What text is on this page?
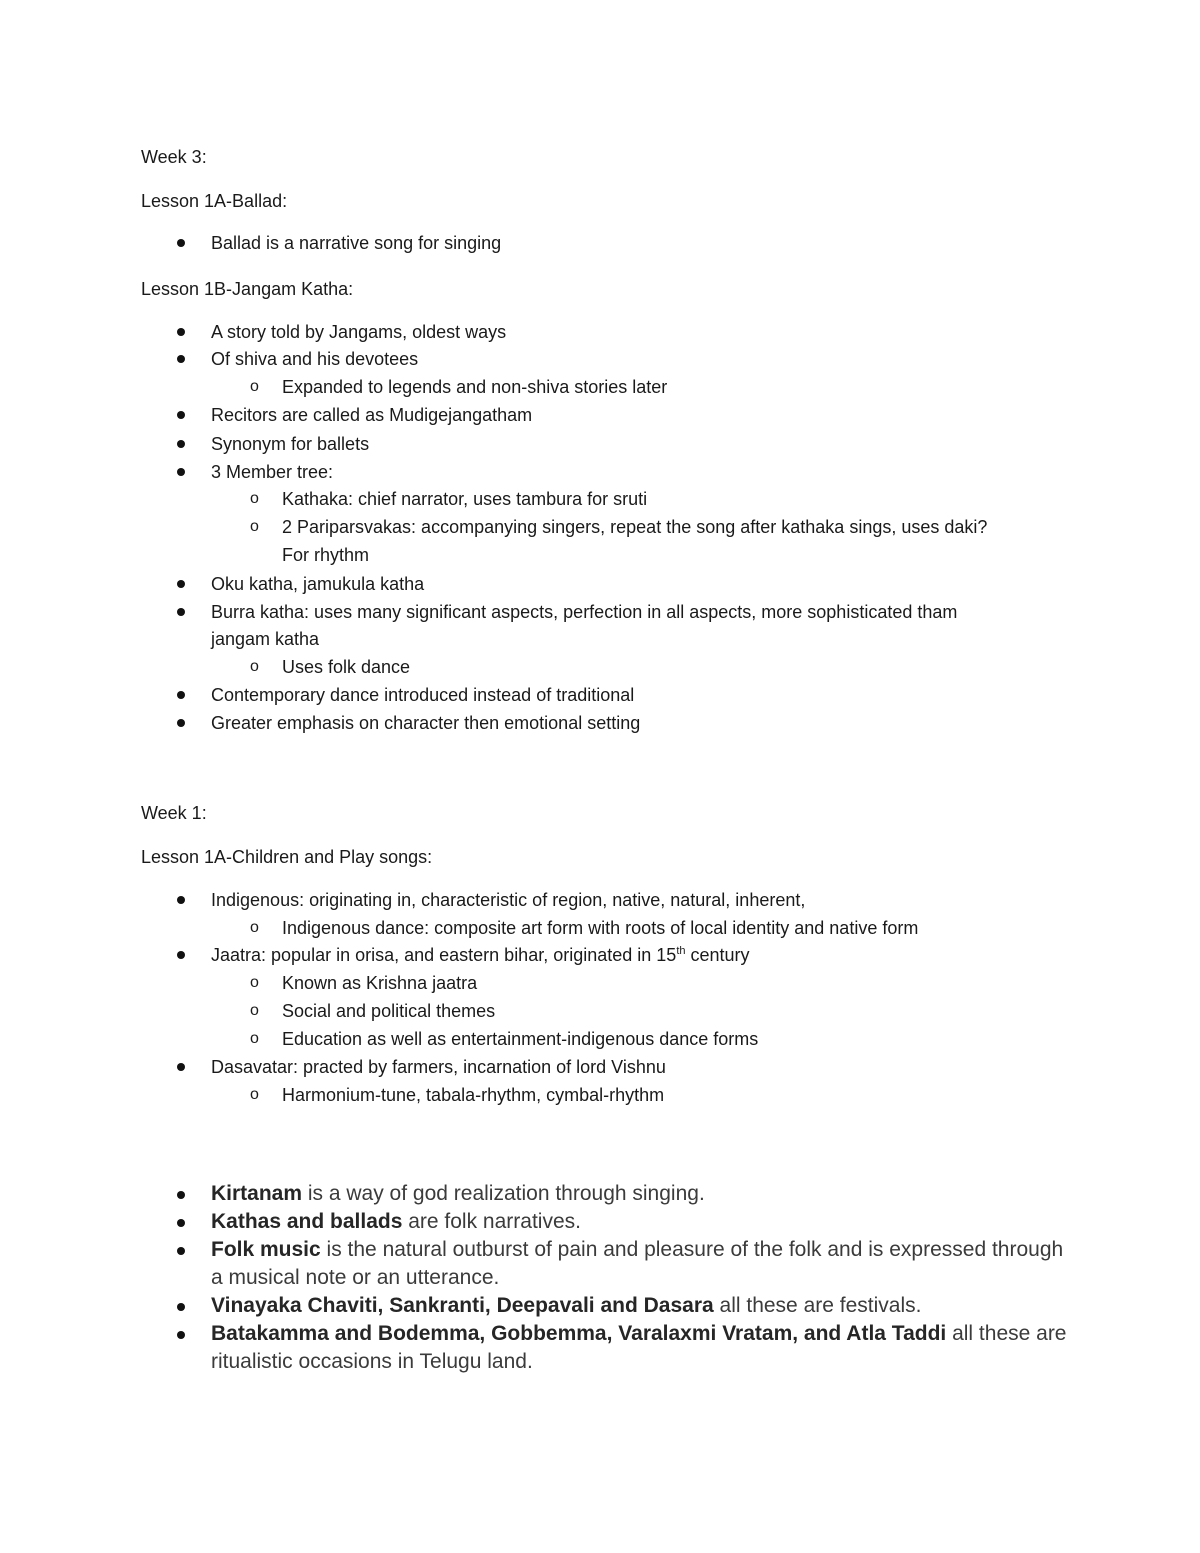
Week 3:

Lesson 1A-Ballad:

Ballad is a narrative song for singing

Lesson 1B-Jangam Katha:

A story told by Jangams, oldest ways

Of shiva and his devotees

o Expanded to legends and non-shiva stories later

Recitors are called as Mudigejangatham

Synonym for ballets

3 Member tree:

o Kathaka: chief narrator, uses tambura for sruti

o 2 Pariparsvakas: accompanying singers, repeat the song after kathaka sings, uses daki?

For rhythm

Oku katha, jamukula katha

Burra katha: uses many significant aspects, perfection in all aspects, more sophisticated tham

jangam katha

o Uses folk dance

Contemporary dance introduced instead of traditional

Greater emphasis on character then emotional setting

Week 1:

Lesson 1A-Children and Play songs:

Indigenous: originating in, characteristic of region, native, natural, inherent,

o Indigenous dance: composite art form with roots of local identity and native form

Jaatra: popular in orisa, and eastern bihar, originated in 15th century

o Known as Krishna jaatra

o Social and political themes

o Education as well as entertainment-indigenous dance forms

Dasavatar: practed by farmers, incarnation of lord Vishnu

o Harmonium-tune, tabala-rhythm, cymbal-rhythm

Kirtanam is a way of god realization through singing.

Kathas and ballads are folk narratives.

Folk music is the natural outburst of pain and pleasure of the folk and is expressed through a musical note or an utterance.

Vinayaka Chaviti, Sankranti, Deepavali and Dasara all these are festivals.

Batakamma and Bodemma, Gobbemma, Varalaxmi Vratam, and Atla Taddi all these are ritualistic occasions in Telugu land.
